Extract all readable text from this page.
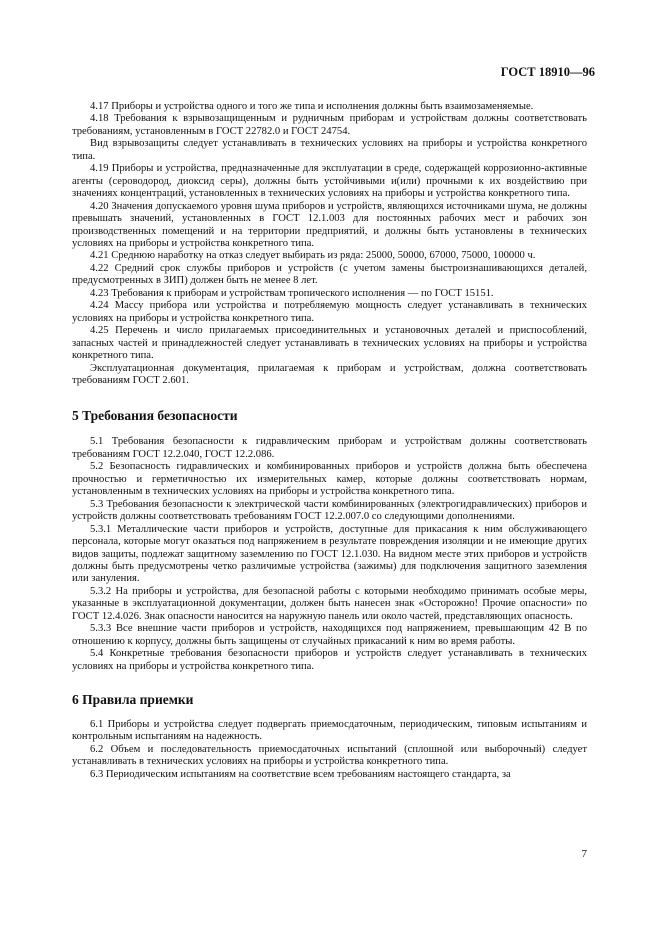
ГОСТ 18910—96

4.17 Приборы и устройства одного и того же типа и исполнения должны быть взаимозаменяемые.

4.18 Требования к взрывозащищенным и рудничным приборам и устройствам должны соответствовать требованиям, установленным в ГОСТ 22782.0 и ГОСТ 24754.

Вид взрывозащиты следует устанавливать в технических условиях на приборы и устройства конкретного типа.

4.19 Приборы и устройства, предназначенные для эксплуатации в среде, содержащей коррозионно-активные агенты (сероводород, диоксид серы), должны быть устойчивыми и(или) прочными к их воздействию при значениях концентраций, установленных в технических условиях на приборы и устройства конкретного типа.

4.20 Значения допускаемого уровня шума приборов и устройств, являющихся источниками шума, не должны превышать значений, установленных в ГОСТ 12.1.003 для постоянных рабочих мест и рабочих зон производственных помещений и на территории предприятий, и должны быть установлены в технических условиях на приборы и устройства конкретного типа.

4.21 Среднюю наработку на отказ следует выбирать из ряда: 25000, 50000, 67000, 75000, 100000 ч.

4.22 Средний срок службы приборов и устройств (с учетом замены быстроизнашивающихся деталей, предусмотренных в ЗИП) должен быть не менее 8 лет.

4.23 Требования к приборам и устройствам тропического исполнения — по ГОСТ 15151.

4.24 Массу прибора или устройства и потребляемую мощность следует устанавливать в технических условиях на приборы и устройства конкретного типа.

4.25 Перечень и число прилагаемых присоединительных и установочных деталей и приспособлений, запасных частей и принадлежностей следует устанавливать в технических условиях на приборы и устройства конкретного типа.

Эксплуатационная документация, прилагаемая к приборам и устройствам, должна соответствовать требованиям ГОСТ 2.601.

5 Требования безопасности

5.1 Требования безопасности к гидравлическим приборам и устройствам должны соответствовать требованиям ГОСТ 12.2.040, ГОСТ 12.2.086.

5.2 Безопасность гидравлических и комбинированных приборов и устройств должна быть обеспечена прочностью и герметичностью их измерительных камер, которые должны соответствовать нормам, установленным в технических условиях на приборы и устройства конкретного типа.

5.3 Требования безопасности к электрической части комбинированных (электрогидравлических) приборов и устройств должны соответствовать требованиям ГОСТ 12.2.007.0 со следующими дополнениями.

5.3.1 Металлические части приборов и устройств, доступные для прикасания к ним обслуживающего персонала, которые могут оказаться под напряжением в результате повреждения изоляции и не имеющие других видов защиты, подлежат защитному заземлению по ГОСТ 12.1.030. На видном месте этих приборов и устройств должны быть предусмотрены четко различимые устройства (зажимы) для подключения защитного заземления или зануления.

5.3.2 На приборы и устройства, для безопасной работы с которыми необходимо принимать особые меры, указанные в эксплуатационной документации, должен быть нанесен знак «Осторожно! Прочие опасности» по ГОСТ 12.4.026. Знак опасности наносится на наружную панель или около частей, представляющих опасность.

5.3.3 Все внешние части приборов и устройств, находящихся под напряжением, превышающим 42 В по отношению к корпусу, должны быть защищены от случайных прикасаний к ним во время работы.

5.4 Конкретные требования безопасности приборов и устройств следует устанавливать в технических условиях на приборы и устройства конкретного типа.

6 Правила приемки

6.1 Приборы и устройства следует подвергать приемосдаточным, периодическим, типовым испытаниям и контрольным испытаниям на надежность.

6.2 Объем и последовательность приемосдаточных испытаний (сплошной или выборочный) следует устанавливать в технических условиях на приборы и устройства конкретного типа.

6.3 Периодическим испытаниям на соответствие всем требованиям настоящего стандарта, за

7
